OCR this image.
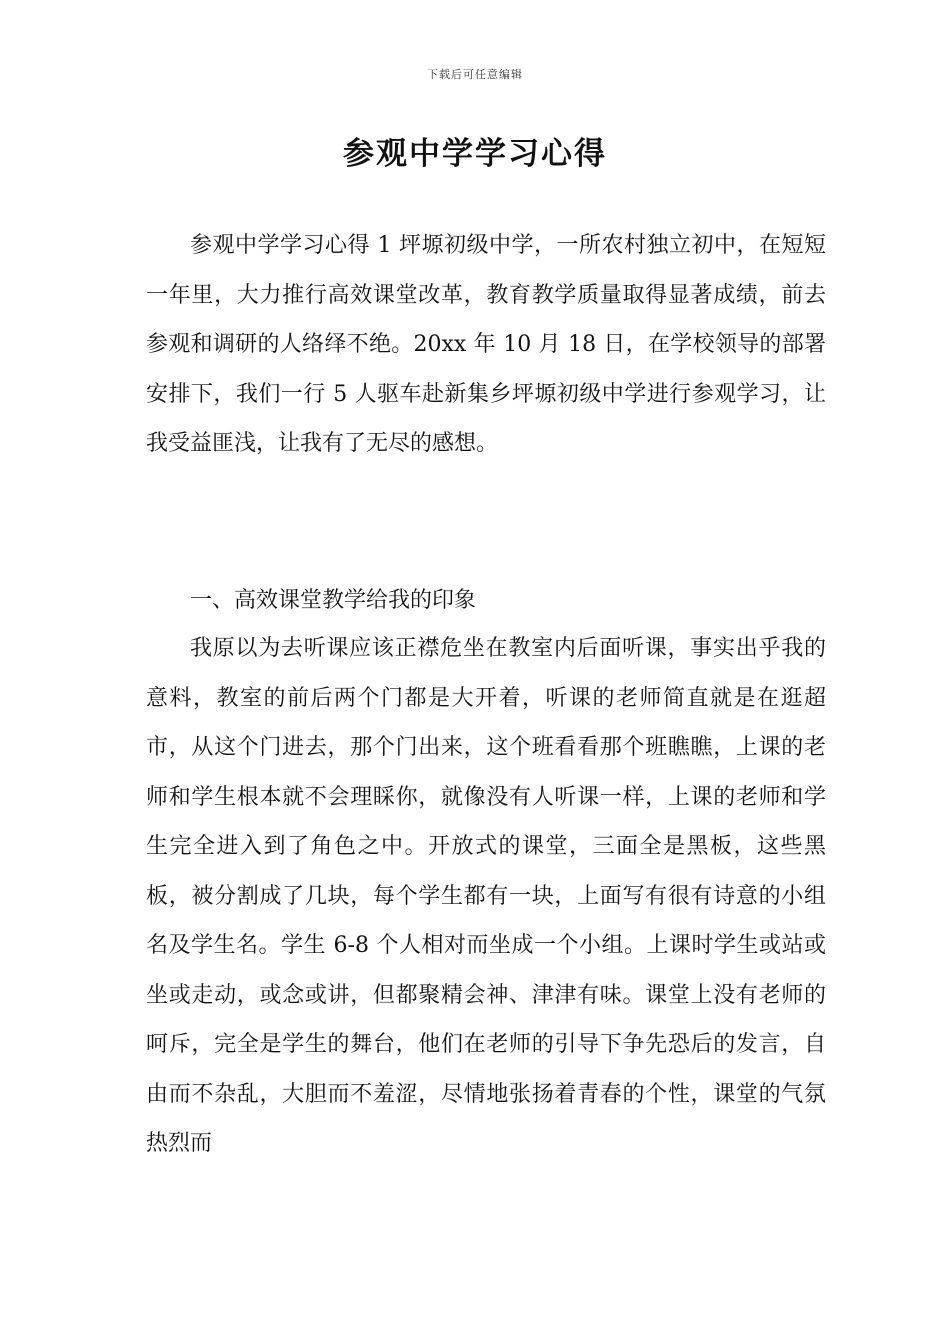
下载后可任意编辑
参观中学学习心得

参观中学学习心得 1 坪塬初级中学，一所农村独立初中，在短短一年里，大力推行高效课堂改革，教育教学质量取得显著成绩，前去参观和调研的人络绎不绝。20xx 年 10 月 18 日，在学校领导的部署安排下，我们一行 5 人驱车赴新集乡坪塬初级中学进行参观学习，让我受益匪浅，让我有了无尽的感想。

一、高效课堂教学给我的印象

我原以为去听课应该正襟危坐在教室内后面听课，事实出乎我的意料，教室的前后两个门都是大开着，听课的老师简直就是在逛超市，从这个门进去，那个门出来，这个班看看那个班瞧瞧，上课的老师和学生根本就不会理睬你，就像没有人听课一样，上课的老师和学生完全进入到了角色之中。开放式的课堂，三面全是黑板，这些黑板，被分割成了几块，每个学生都有一块，上面写有很有诗意的小组名及学生名。学生 6-8 个人相对而坐成一个小组。上课时学生或站或坐或走动，或念或讲，但都聚精会神、津津有味。课堂上没有老师的呵斥，完全是学生的舞台，他们在老师的引导下争先恐后的发言，自由而不杂乱，大胆而不羞涩，尽情地张扬着青春的个性，课堂的气氛热烈而
